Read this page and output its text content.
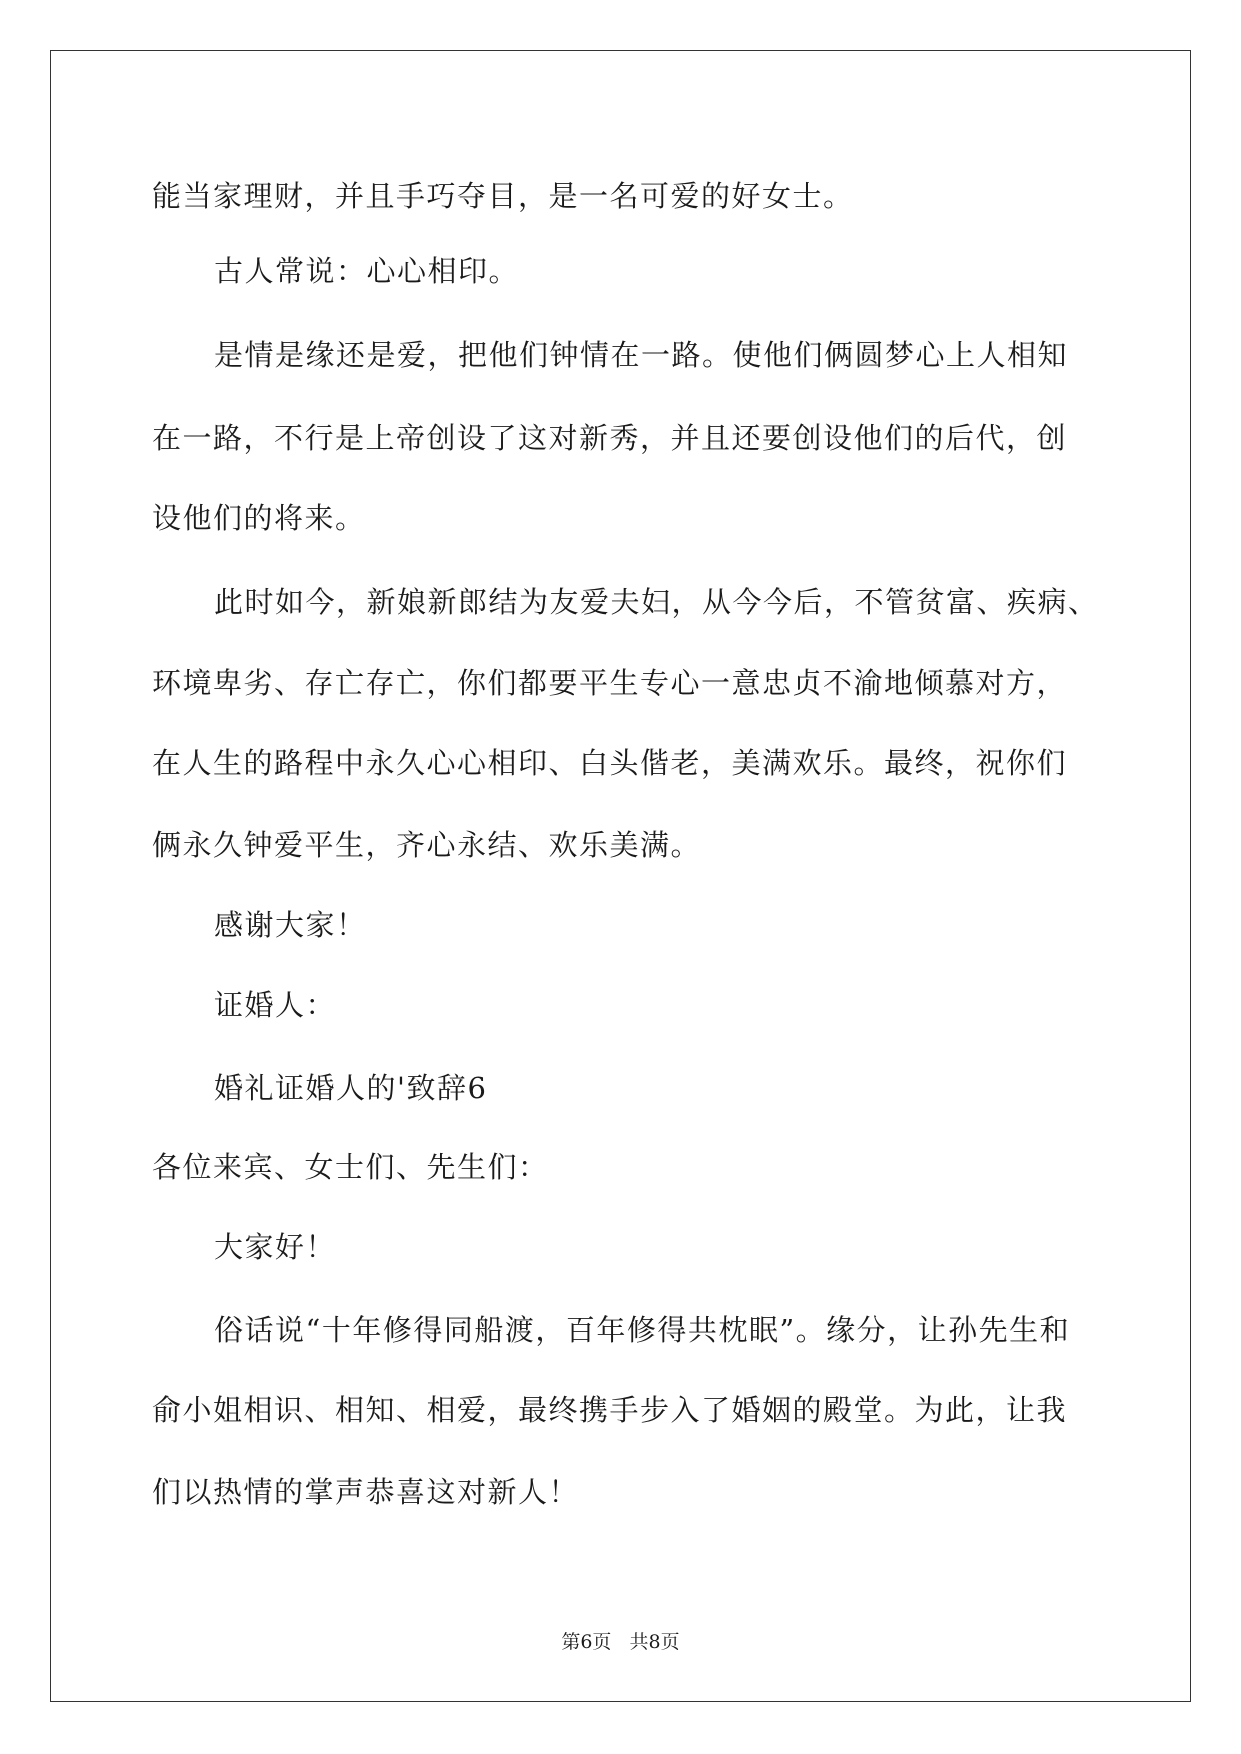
能当家理财，并且手巧夺目，是一名可爱的好女士。
古人常说：心心相印。
是情是缘还是爱，把他们钟情在一路。使他们俩圆梦心上人相知
在一路，不行是上帝创设了这对新秀，并且还要创设他们的后代，创
设他们的将来。
此时如今，新娘新郎结为友爱夫妇，从今今后，不管贫富、疾病、
环境卑劣、存亡存亡，你们都要平生专心一意忠贞不渝地倾慕对方，
在人生的路程中永久心心相印、白头偕老，美满欢乐。最终，祝你们
俩永久钟爱平生，齐心永结、欢乐美满。
感谢大家！
证婚人：
婚礼证婚人的'致辞6
各位来宾、女士们、先生们：
大家好！
俗话说“十年修得同船渡，百年修得共枕眠”。缘分，让孙先生和
俞小姐相识、相知、相爱，最终携手步入了婚姻的殿堂。为此，让我
们以热情的掌声恭喜这对新人！
第6页   共8页
